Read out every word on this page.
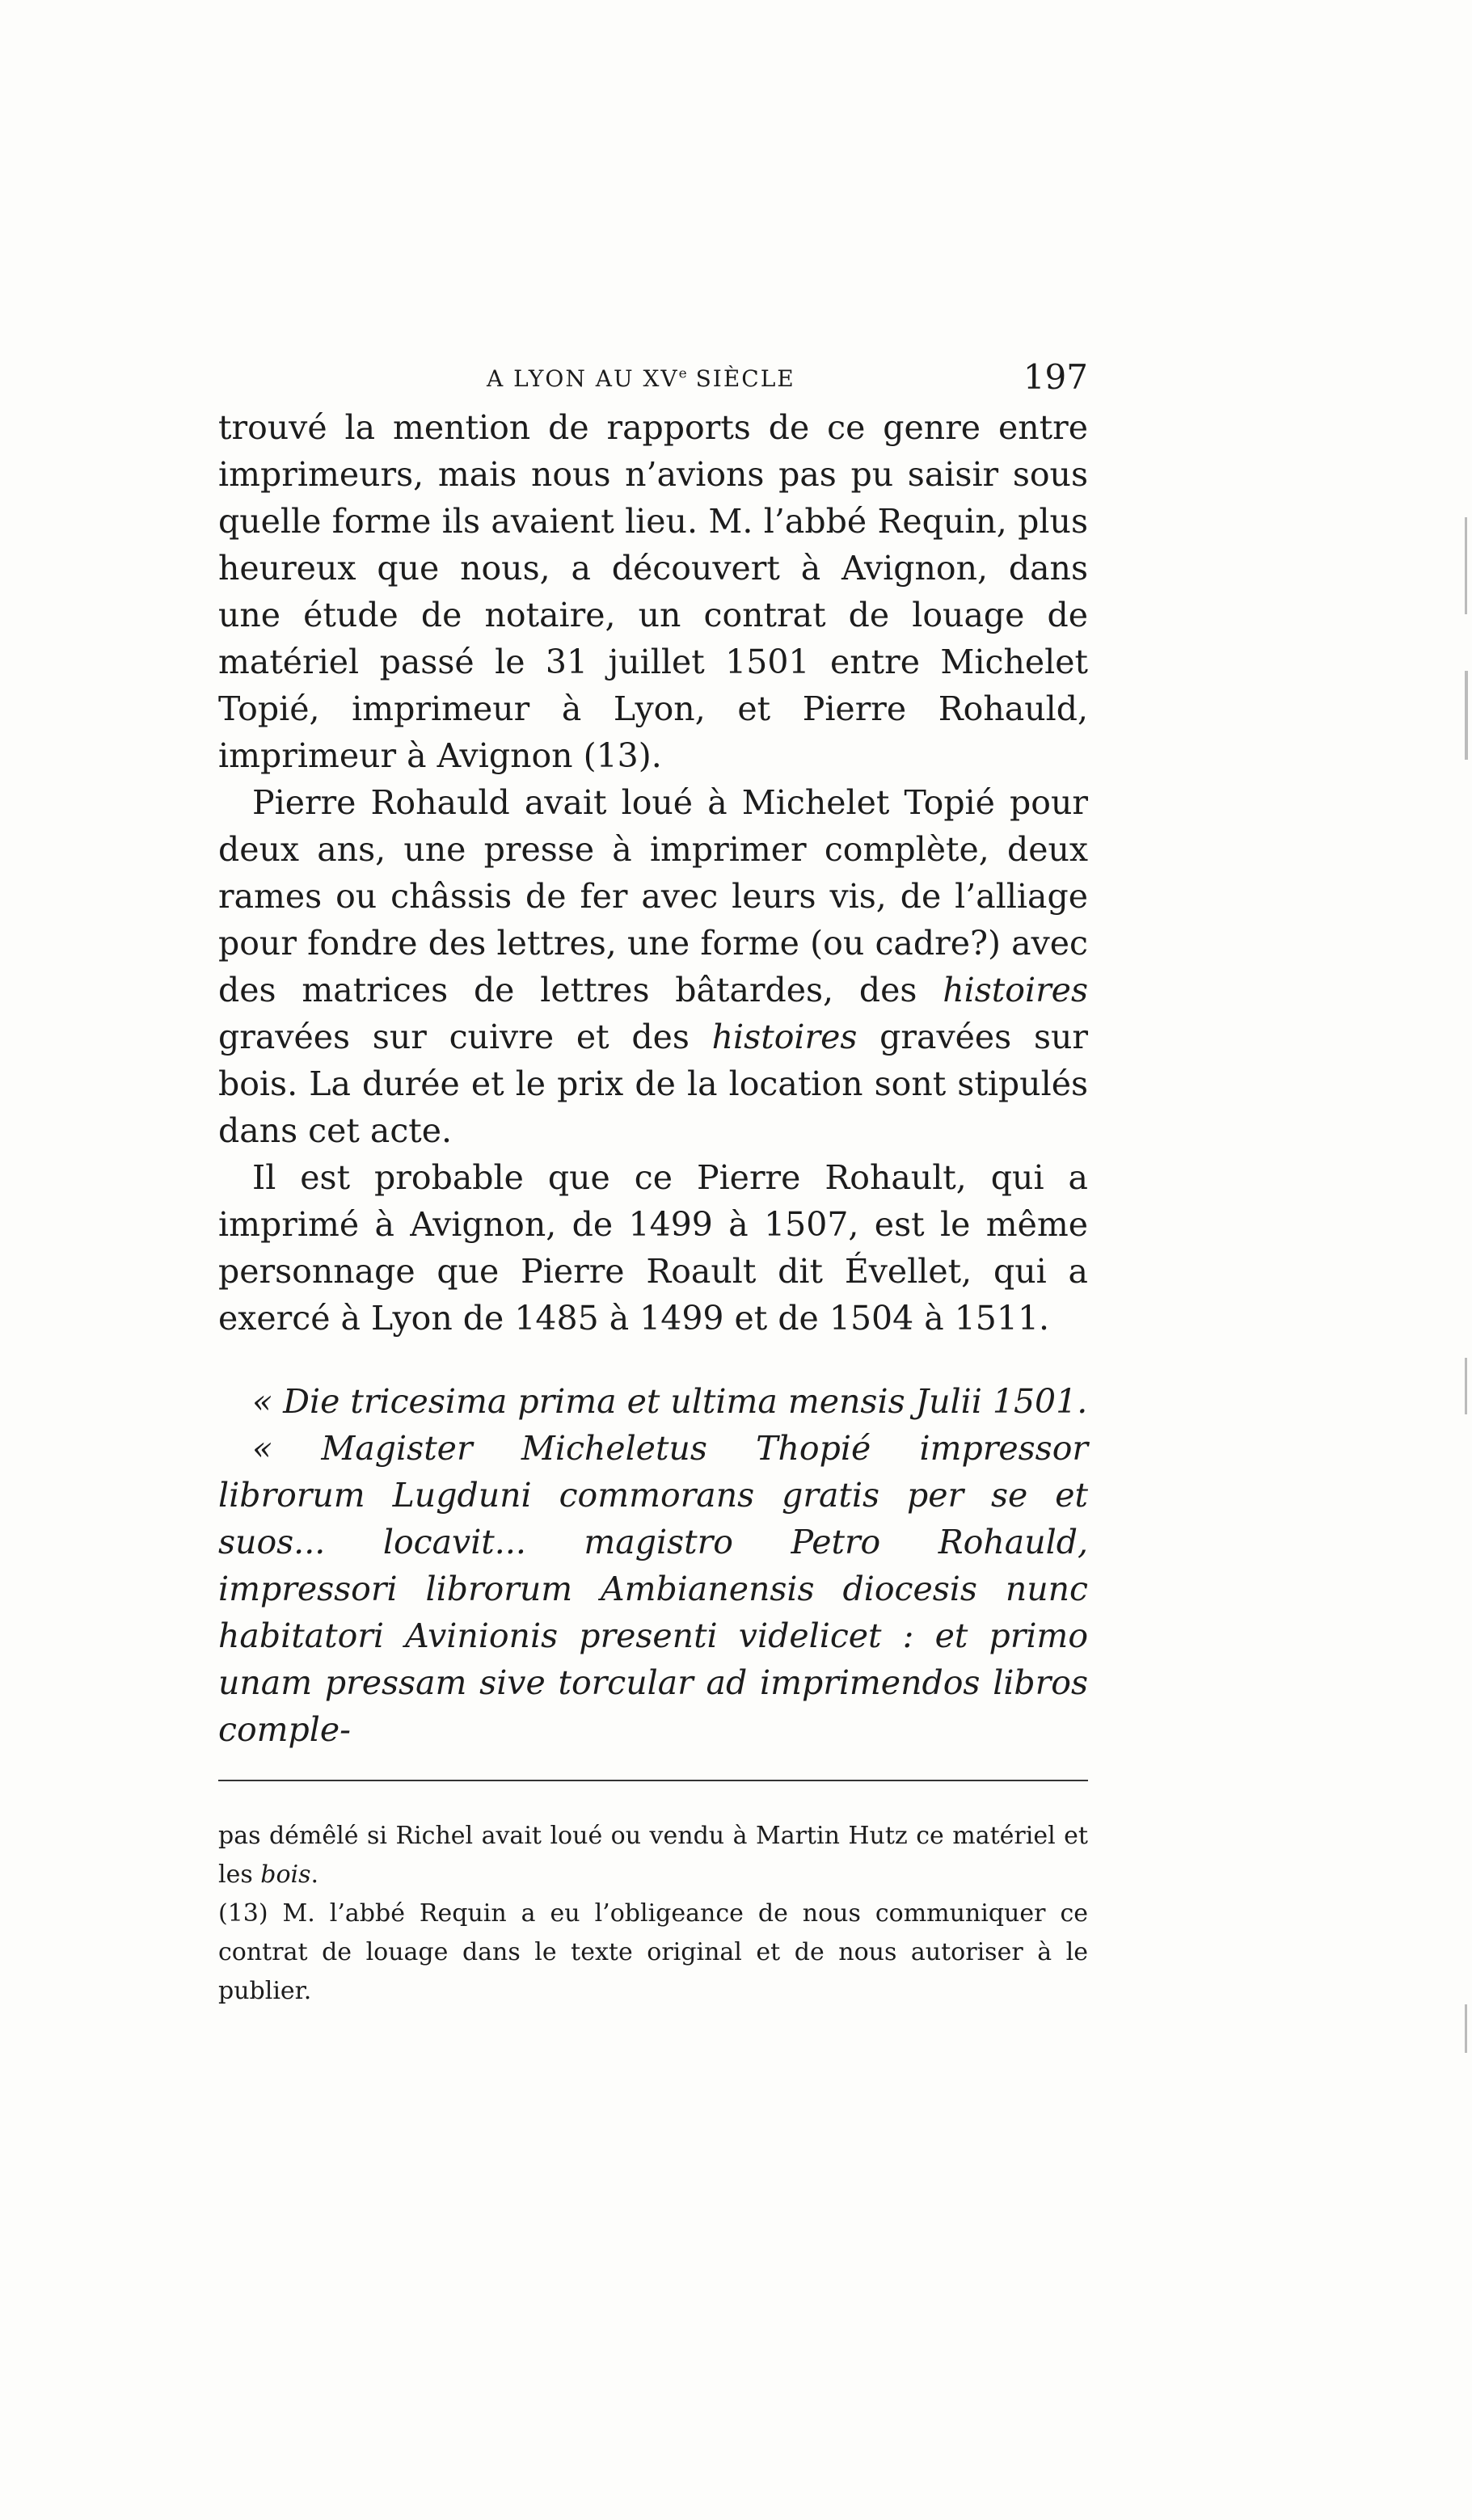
A LYON AU XVe SIÈCLE	197

trouvé la mention de rapports de ce genre entre imprimeurs, mais nous n’avions pas pu saisir sous quelle forme ils avaient lieu. M. l’abbé Requin, plus heureux que nous, a découvert à Avignon, dans une étude de notaire, un contrat de louage de matériel passé le 31 juillet 1501 entre Michelet Topié, imprimeur à Lyon, et Pierre Rohauld, imprimeur à Avignon (13).

Pierre Rohauld avait loué à Michelet Topié pour deux ans, une presse à imprimer complète, deux rames ou châssis de fer avec leurs vis, de l’alliage pour fondre des lettres, une forme (ou cadre?) avec des matrices de lettres bâtardes, des histoires gravées sur cuivre et des histoires gravées sur bois. La durée et le prix de la location sont stipulés dans cet acte.

Il est probable que ce Pierre Rohault, qui a imprimé à Avignon, de 1499 à 1507, est le même personnage que Pierre Roault dit Évellet, qui a exercé à Lyon de 1485 à 1499 et de 1504 à 1511.

« Die tricesima prima et ultima mensis Julii 1501.

« Magister Micheletus Thopié impressor librorum Lugduni commorans gratis per se et suos... locavit... magistro Petro Rohauld, impressori librorum Ambianensis diocesis nunc habitatori Avinionis presenti videlicet : et primo unam pressam sive torcular ad imprimendos libros comple-

pas démêlé si Richel avait loué ou vendu à Martin Hutz ce matériel et les bois.

(13) M. l’abbé Requin a eu l’obligeance de nous communiquer ce contrat de louage dans le texte original et de nous autoriser à le publier.
